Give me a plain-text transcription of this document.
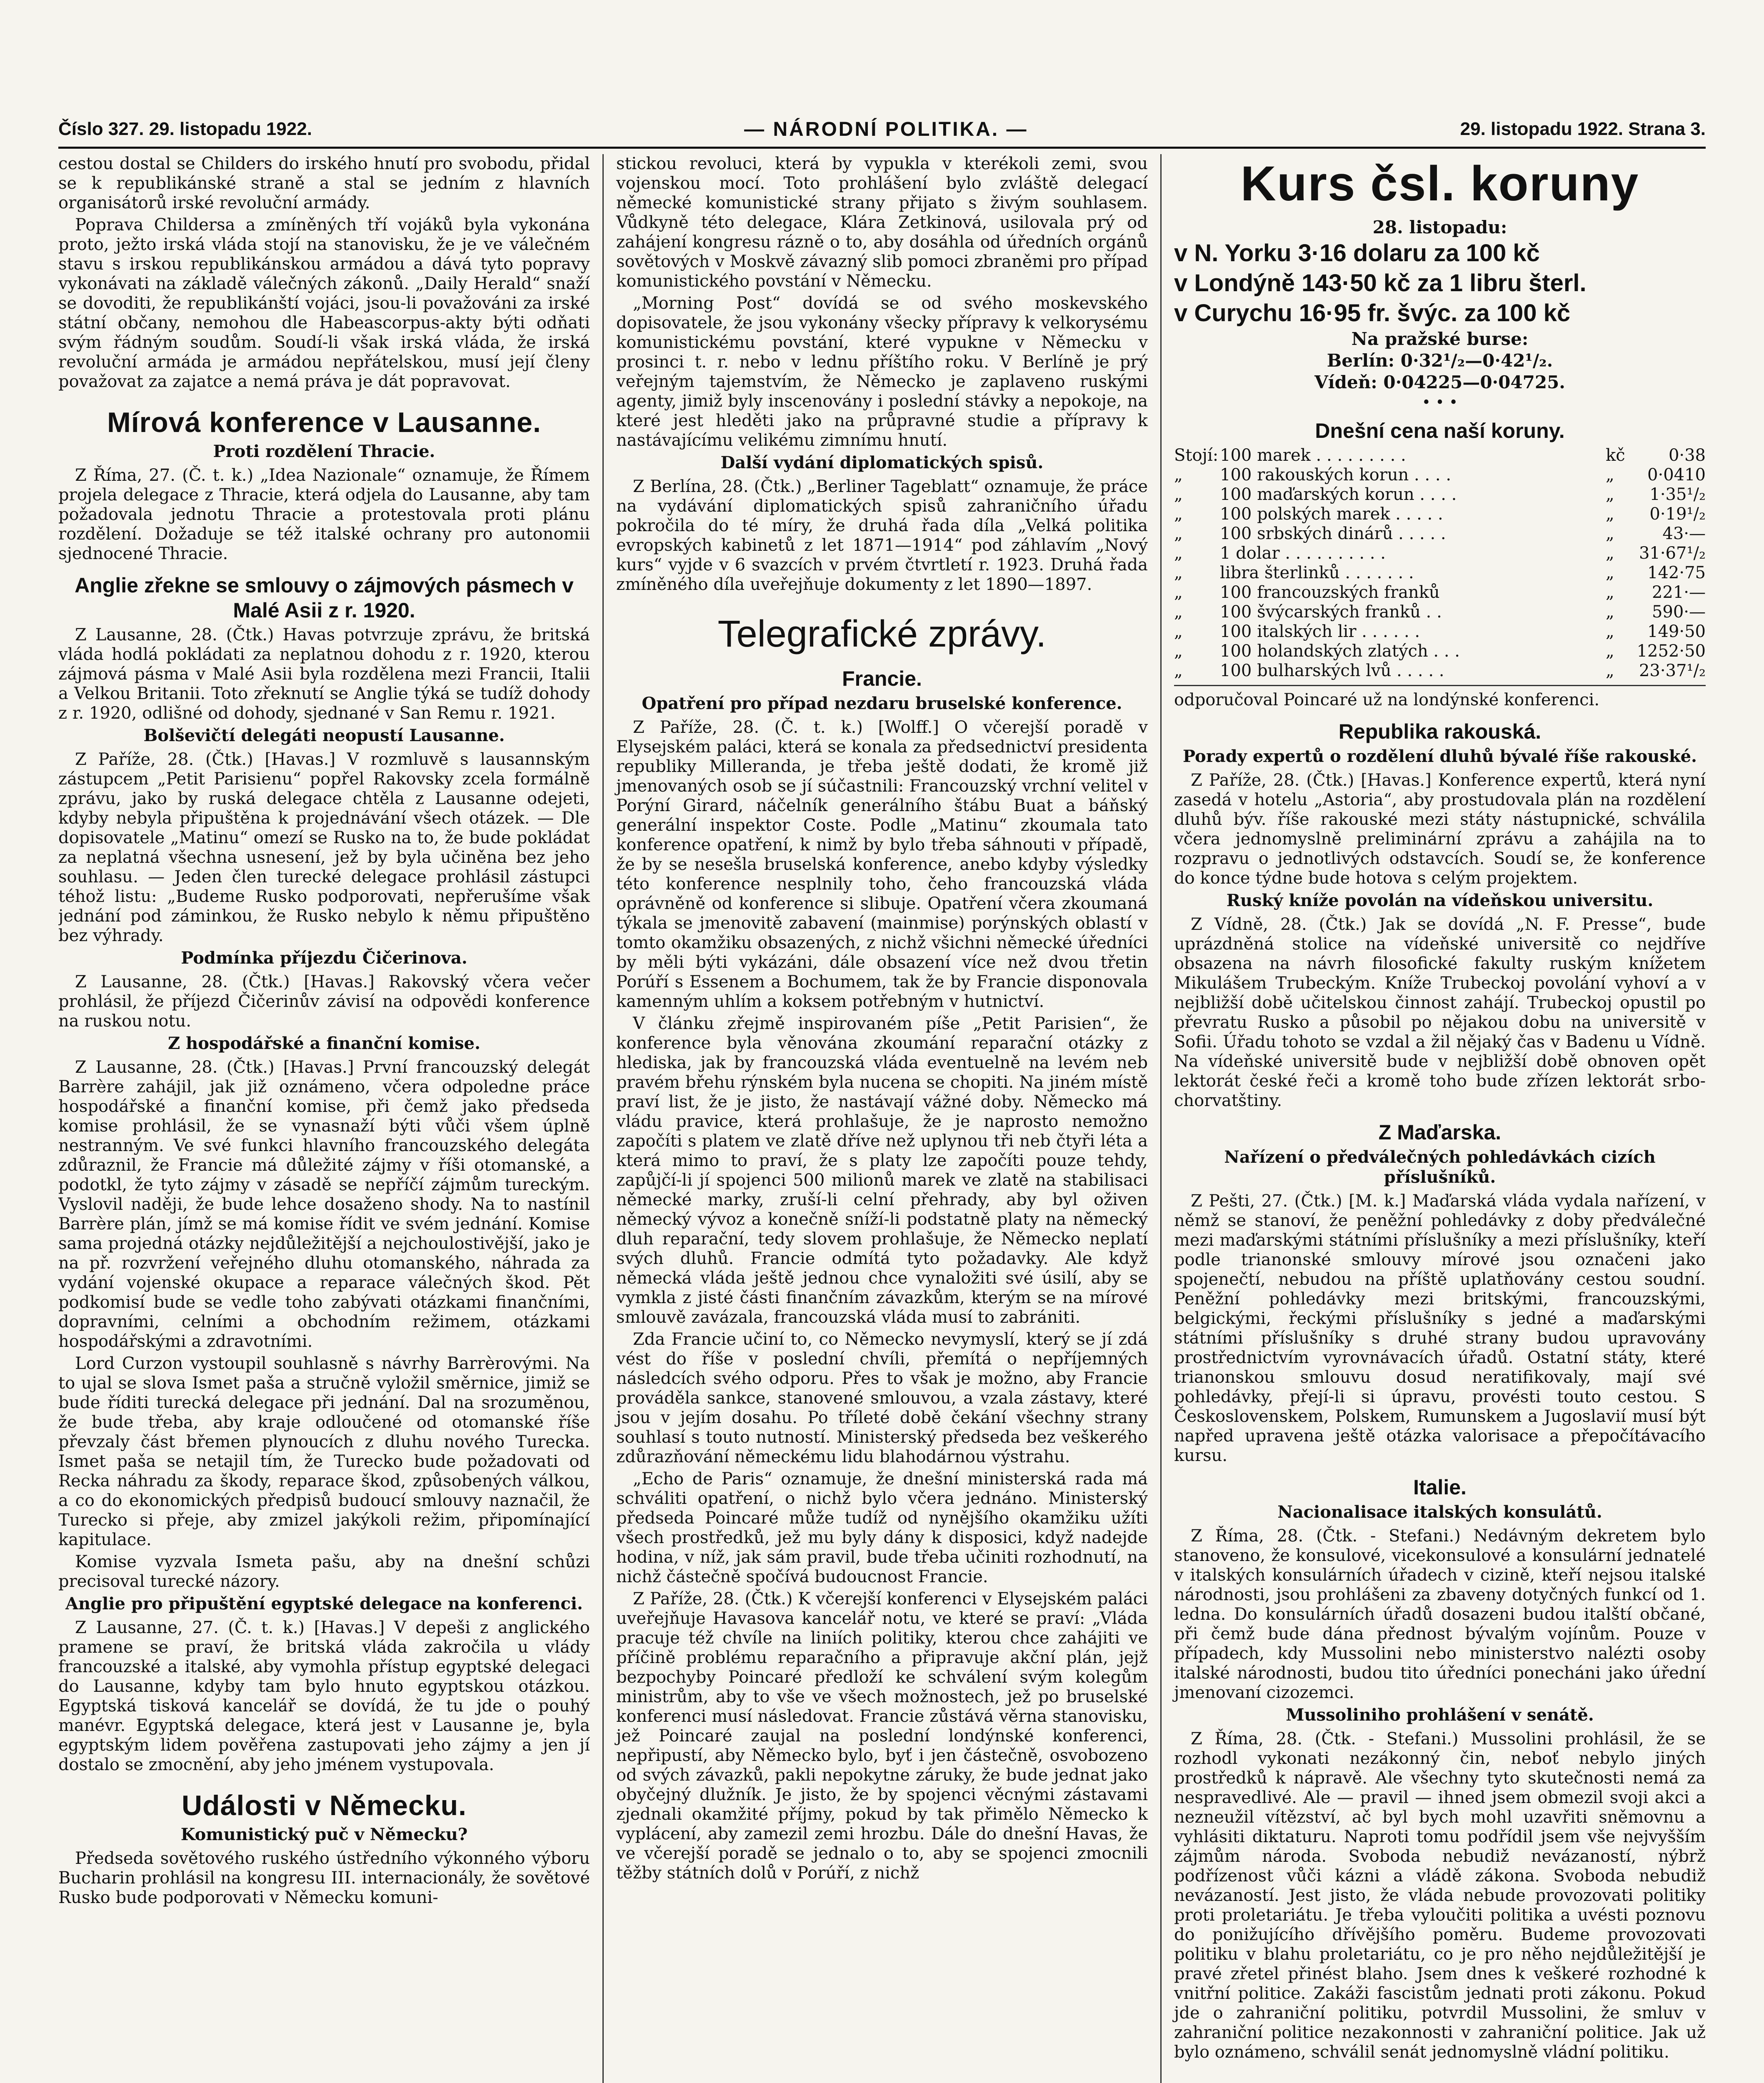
Číslo 327. 29. listopadu 1922.	— NÁRODNÍ POLITIKA. —	29. listopadu 1922. Strana 3.

cestou dostal se Childers do irského hnutí pro svobodu, přidal se k republikánské straně a stal se jedním z hlavních organisátorů irské revoluční armády.

Poprava Childersa a zmíněných tří vojáků byla vykonána proto, ježto irská vláda stojí na stanovisku, že je ve válečném stavu s irskou republikánskou armádou a dává tyto popravy vykonávati na základě válečných zákonů. „Daily Herald“ snaží se dovoditi, že republikánští vojáci, jsou-li považováni za irské státní občany, nemohou dle Habeascorpus-akty býti odňati svým řádným soudům. Soudí-li však irská vláda, že irská revoluční armáda je armádou nepřátelskou, musí její členy považovat za zajatce a nemá práva je dát popravovat.

Mírová konference v Lausanne.
Proti rozdělení Thracie.

Z Říma, 27. (Č. t. k.) „Idea Nazionale“ oznamuje, že Římem projela delegace z Thracie, která odjela do Lausanne, aby tam požadovala jednotu Thracie a protestovala proti plánu rozdělení. Dožaduje se též italské ochrany pro autonomii sjednocené Thracie.

Anglie zřekne se smlouvy o zájmových pásmech v Malé Asii z r. 1920.

Z Lausanne, 28. (Čtk.) Havas potvrzuje zprávu, že britská vláda hodlá pokládati za neplatnou dohodu z r. 1920, kterou zájmová pásma v Malé Asii byla rozdělena mezi Francii, Italii a Velkou Britanii. Toto zřeknutí se Anglie týká se tudíž dohody z r. 1920, odlišné od dohody, sjednané v San Remu r. 1921.

Bolševičtí delegáti neopustí Lausanne.

Z Paříže, 28. (Čtk.) [Havas.] V rozmluvě s lausannským zástupcem „Petit Parisienu“ popřel Rakovsky zcela formálně zprávu, jako by ruská delegace chtěla z Lausanne odejeti, kdyby nebyla připuštěna k projednávání všech otázek. — Dle dopisovatele „Matinu“ omezí se Rusko na to, že bude pokládat za neplatná všechna usnesení, jež by byla učiněna bez jeho souhlasu. — Jeden člen turecké delegace prohlásil zástupci téhož listu: „Budeme Rusko podporovati, nepřerušíme však jednání pod záminkou, že Rusko nebylo k němu připuštěno bez výhrady.

Podmínka příjezdu Čičerinova.

Z Lausanne, 28. (Čtk.) [Havas.] Rakovský včera večer prohlásil, že příjezd Čičerinův závisí na odpovědi konference na ruskou notu.

Z hospodářské a finanční komise.

Z Lausanne, 28. (Čtk.) [Havas.] První francouzský delegát Barrère zahájil, jak již oznámeno, včera odpoledne práce hospodářské a finanční komise, při čemž jako předseda komise prohlásil, že se vynasnaží býti vůči všem úplně nestranným. Ve své funkci hlavního francouzského delegáta zdůraznil, že Francie má důležité zájmy v říši otomanské, a podotkl, že tyto zájmy v zásadě se nepříčí zájmům tureckým. Vyslovil naději, že bude lehce dosaženo shody. Na to nastínil Barrère plán, jímž se má komise řídit ve svém jednání. Komise sama projedná otázky nejdůležitější a nejchoulostivější, jako je na př. rozvržení veřejného dluhu otomanského, náhrada za vydání vojenské okupace a reparace válečných škod. Pět podkomisí bude se vedle toho zabývati otázkami finančními, dopravními, celními a obchodním režimem, otázkami hospodářskými a zdravotními.

Lord Curzon vystoupil souhlasně s návrhy Barrèrovými. Na to ujal se slova Ismet paša a stručně vyložil směrnice, jimiž se bude říditi turecká delegace při jednání. Dal na srozuměnou, že bude třeba, aby kraje odloučené od otomanské říše převzaly část břemen plynoucích z dluhu nového Turecka. Ismet paša se netajil tím, že Turecko bude požadovati od Recka náhradu za škody, reparace škod, způsobených válkou, a co do ekonomických předpisů budoucí smlouvy naznačil, že Turecko si přeje, aby zmizel jakýkoli režim, připomínající kapitulace.

Komise vyzvala Ismeta pašu, aby na dnešní schůzi precisoval turecké názory.

Anglie pro připuštění egyptské delegace na konferenci.

Z Lausanne, 27. (Č. t. k.) [Havas.] V depeši z anglického pramene se praví, že britská vláda zakročila u vlády francouzské a italské, aby vymohla přístup egyptské delegaci do Lausanne, kdyby tam bylo hnuto egyptskou otázkou. Egyptská tisková kancelář se dovídá, že tu jde o pouhý manévr. Egyptská delegace, která jest v Lausanne je, byla egyptským lidem pověřena zastupovati jeho zájmy a jen jí dostalo se zmocnění, aby jeho jménem vystupovala.

Události v Německu.
Komunistický puč v Německu?

Předseda sovětového ruského ústředního výkonného výboru Bucharin prohlásil na kongresu III. internacionály, že sovětové Rusko bude podporovati v Německu komuni-

stickou revoluci, která by vypukla v kterékoli zemi, svou vojenskou mocí. Toto prohlášení bylo zvláště delegací německé komunistické strany přijato s živým souhlasem. Vůdkyně této delegace, Klára Zetkinová, usilovala prý od zahájení kongresu rázně o to, aby dosáhla od úředních orgánů sovětových v Moskvě závazný slib pomoci zbraněmi pro případ komunistického povstání v Německu.

„Morning Post“ dovídá se od svého moskevského dopisovatele, že jsou vykonány všecky přípravy k velkorysému komunistickému povstání, které vypukne v Německu v prosinci t. r. nebo v lednu příštího roku. V Berlíně je prý veřejným tajemstvím, že Německo je zaplaveno ruskými agenty, jimiž byly inscenovány i poslední stávky a nepokoje, na které jest hleděti jako na průpravné studie a přípravy k nastávajícímu velikému zimnímu hnutí.

Další vydání diplomatických spisů.

Z Berlína, 28. (Čtk.) „Berliner Tageblatt“ oznamuje, že práce na vydávání diplomatických spisů zahraničního úřadu pokročila do té míry, že druhá řada díla „Velká politika evropských kabinetů z let 1871—1914“ pod záhlavím „Nový kurs“ vyjde v 6 svazcích v prvém čtvrtletí r. 1923. Druhá řada zmíněného díla uveřejňuje dokumenty z let 1890—1897.

Telegrafické zprávy.
Francie.
Opatření pro případ nezdaru bruselské konference.

Z Paříže, 28. (Č. t. k.) [Wolff.] O včerejší poradě v Elysejském paláci, která se konala za předsednictví presidenta republiky Milleranda, je třeba ještě dodati, že kromě již jmenovaných osob se jí súčastnili: Francouzský vrchní velitel v Porýní Girard, náčelník generálního štábu Buat a báňský generální inspektor Coste. Podle „Matinu“ zkoumala tato konference opatření, k nimž by bylo třeba sáhnouti v případě, že by se nesešla bruselská konference, anebo kdyby výsledky této konference nesplnily toho, čeho francouzská vláda oprávněně od konference si slibuje. Opatření včera zkoumaná týkala se jmenovitě zabavení (mainmise) porýnských oblastí v tomto okamžiku obsazených, z nichž všichni německé úředníci by měli býti vykázáni, dále obsazení více než dvou třetin Porúří s Essenem a Bochumem, tak že by Francie disponovala kamenným uhlím a koksem potřebným v hutnictví.

V článku zřejmě inspirovaném píše „Petit Parisien“, že konference byla věnována zkoumání reparační otázky z hlediska, jak by francouzská vláda eventuelně na levém neb pravém břehu rýnském byla nucena se chopiti. Na jiném místě praví list, že je jisto, že nastávají vážné doby. Německo má vládu pravice, která prohlašuje, že je naprosto nemožno započíti s platem ve zlatě dříve než uplynou tři neb čtyři léta a která mimo to praví, že s platy lze započíti pouze tehdy, zapůjčí-li jí spojenci 500 milionů marek ve zlatě na stabilisaci německé marky, zruší-li celní přehrady, aby byl oživen německý vývoz a konečně sníží-li podstatně platy na německý dluh reparační, tedy slovem prohlašuje, že Německo neplatí svých dluhů. Francie odmítá tyto požadavky. Ale když německá vláda ještě jednou chce vynaložiti své úsilí, aby se vymkla z jisté části finančním závazkům, kterým se na mírové smlouvě zavázala, francouzská vláda musí to zabrániti.

Zda Francie učiní to, co Německo nevymyslí, který se jí zdá vést do říše v poslední chvíli, přemítá o nepříjemných následcích svého odporu. Přes to však je možno, aby Francie prováděla sankce, stanovené smlouvou, a vzala zástavy, které jsou v jejím dosahu. Po tříleté době čekání všechny strany souhlasí s touto nutností. Ministerský předseda bez veškerého zdůrazňování německému lidu blahodárnou výstrahu.

„Echo de Paris“ oznamuje, že dnešní ministerská rada má schváliti opatření, o nichž bylo včera jednáno. Ministerský předseda Poincaré může tudíž od nynějšího okamžiku užíti všech prostředků, jež mu byly dány k disposici, když nadejde hodina, v níž, jak sám pravil, bude třeba učiniti rozhodnutí, na nichž částečně spočívá budoucnost Francie.

Z Paříže, 28. (Čtk.) K včerejší konferenci v Elysejském paláci uveřejňuje Havasova kancelář notu, ve které se praví: „Vláda pracuje též chvíle na liniích politiky, kterou chce zahájiti ve příčině problému reparačního a připravuje akční plán, jejž bezpochyby Poincaré předloží ke schválení svým kolegům ministrům, aby to vše ve všech možnostech, jež po bruselské konferenci musí následovat. Francie zůstává věrna stanovisku, jež Poincaré zaujal na poslední londýnské konferenci, nepřipustí, aby Německo bylo, byť i jen částečně, osvobozeno od svých závazků, pakli nepokytne záruky, že bude jednat jako obyčejný dlužník. Je jisto, že by spojenci věcnými zástavami zjednali okamžité příjmy, pokud by tak přimělo Německo k vyplácení, aby zamezil zemi hrozbu. Dále do dnešní Havas, že ve včerejší poradě se jednalo o to, aby se spojenci zmocnili těžby státních dolů v Porúří, z nichž

Kurs čsl. koruny
28. listopadu:
v N. Yorku 3·16 dolaru za 100 kč
v Londýně 143·50 kč za 1 libru šterl.
v Curychu 16·95 fr. švýc. za 100 kč
Na pražské burse:
Berlín: 0·32¹/₂—0·42¹/₂.
Vídeň: 0·04225—0·04725.
• • •
Dnešní cena naší koruny.
Stojí:	100 marek . . . . . . . . .	kč	0·38
„	100 rakouských korun . . . .	„	0·0410
„	100 maďarských korun . . . .	„	1·35¹/₂
„	100 polských marek . . . . .	„	0·19¹/₂
„	100 srbských dinárů . . . . .	„	43·—
„	1 dolar . . . . . . . . . .	„	31·67¹/₂
„	libra šterlinků . . . . . . .	„	142·75
„	100 francouzských franků	„	221·—
„	100 švýcarských franků . .	„	590·—
„	100 italských lir . . . . . .	„	149·50
„	100 holandských zlatých . . .	„	1252·50
„	100 bulharských lvů . . . . .	„	23·37¹/₂

odporučoval Poincaré už na londýnské konferenci.

Republika rakouská.
Porady expertů o rozdělení dluhů bývalé říše rakouské.

Z Paříže, 28. (Čtk.) [Havas.] Konference expertů, která nyní zasedá v hotelu „Astoria“, aby prostudovala plán na rozdělení dluhů býv. říše rakouské mezi státy nástupnické, schválila včera jednomyslně preliminární zprávu a zahájila na to rozpravu o jednotlivých odstavcích. Soudí se, že konference do konce týdne bude hotova s celým projektem.

Ruský kníže povolán na vídeňskou universitu.

Z Vídně, 28. (Čtk.) Jak se dovídá „N. F. Presse“, bude uprázdněná stolice na vídeňské universitě co nejdříve obsazena na návrh filosofické fakulty ruským knížetem Mikulášem Trubeckým. Kníže Trubeckoj povolání vyhoví a v nejbližší době učitelskou činnost zahájí. Trubeckoj opustil po převratu Rusko a působil po nějakou dobu na universitě v Sofii. Úřadu tohoto se vzdal a žil nějaký čas v Badenu u Vídně. Na vídeňské universitě bude v nejbližší době obnoven opět lektorát české řeči a kromě toho bude zřízen lektorát srbo-chorvatštiny.

Z Maďarska.
Nařízení o předválečných pohledávkách cizích příslušníků.

Z Pešti, 27. (Čtk.) [M. k.] Maďarská vláda vydala nařízení, v němž se stanoví, že peněžní pohledávky z doby předválečné mezi maďarskými státními příslušníky a mezi příslušníky, kteří podle trianonské smlouvy mírové jsou označeni jako spojenečtí, nebudou na příště uplatňovány cestou soudní. Peněžní pohledávky mezi britskými, francouzskými, belgickými, řeckými příslušníky s jedné a maďarskými státními příslušníky s druhé strany budou upravovány prostřednictvím vyrovnávacích úřadů. Ostatní státy, které trianonskou smlouvu dosud neratifikovaly, mají své pohledávky, přejí-li si úpravu, provésti touto cestou. S Československem, Polskem, Rumunskem a Jugoslavií musí být napřed upravena ještě otázka valorisace a přepočítávacího kursu.

Italie.
Nacionalisace italských konsulátů.

Z Říma, 28. (Čtk. - Stefani.) Nedávným dekretem bylo stanoveno, že konsulové, vicekonsulové a konsulární jednatelé v italských konsulárních úřadech v cizině, kteří nejsou italské národnosti, jsou prohlášeni za zbaveny dotyčných funkcí od 1. ledna. Do konsulárních úřadů dosazeni budou italští občané, při čemž bude dána přednost bývalým vojínům. Pouze v případech, kdy Mussolini nebo ministerstvo nalézti osoby italské národnosti, budou tito úředníci ponecháni jako úřední jmenovaní cizozemci.

Mussoliniho prohlášení v senátě.

Z Říma, 28. (Čtk. - Stefani.) Mussolini prohlásil, že se rozhodl vykonati nezákonný čin, neboť nebylo jiných prostředků k nápravě. Ale všechny tyto skutečnosti nemá za nespravedlivé. Ale — pravil — ihned jsem obmezil svoji akci a nezneužil vítězství, ač byl bych mohl uzavřiti sněmovnu a vyhlásiti diktaturu. Naproti tomu podřídil jsem vše nejvyšším zájmům národa. Svoboda nebudiž nevázaností, nýbrž podřízenost vůči kázni a vládě zákona. Svoboda nebudiž nevázaností. Jest jisto, že vláda nebude provozovati politiky proti proletariátu. Je třeba vyloučiti politika a uvésti poznovu do ponižujícího dřívějšího poměru. Budeme provozovati politiku v blahu proletariátu, co je pro něho nejdůležitější je pravé zřetel přinést blaho. Jsem dnes k veškeré rozhodné k vnitřní politice. Zakáži fascistům jednati proti zákonu. Pokud jde o zahraniční politiku, potvrdil Mussolini, že smluv v zahraniční politice nezakonnosti v zahraniční politice. Jak už bylo oznámeno, schválil senát jednomyslně vládní politiku.
